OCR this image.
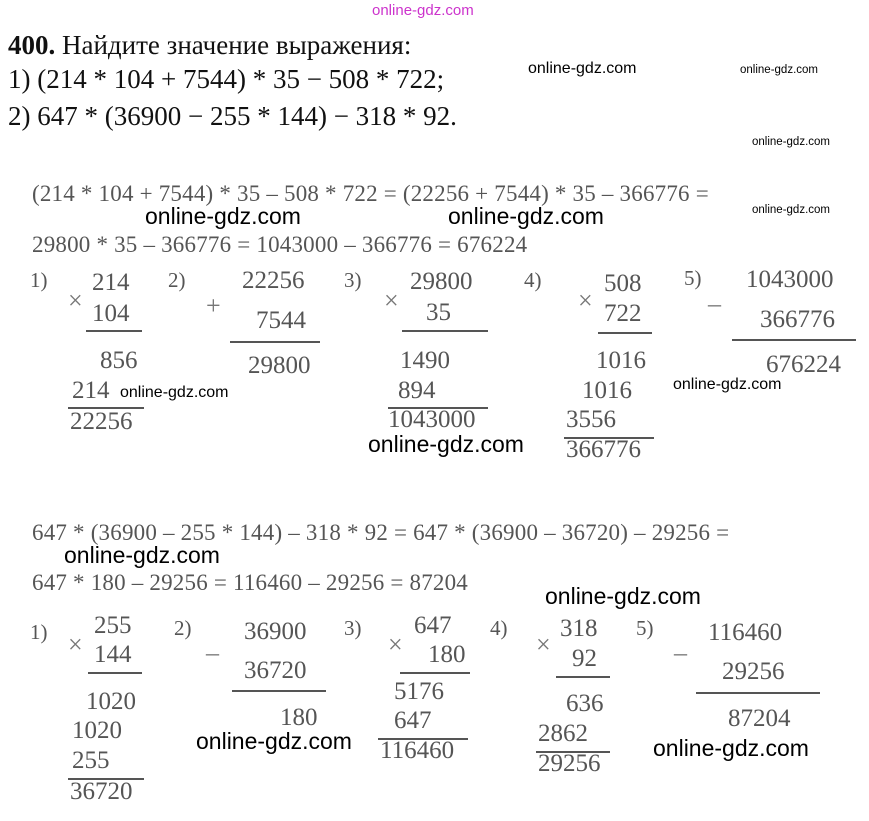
online-gdz.com
400. Найдите значение выражения:
1) (214 * 104 + 7544) * 35 − 508 * 722;
2) 647 * (36900 − 255 * 144) − 318 * 92.
online-gdz.com	online-gdz.com
online-gdz.com
(214 * 104 + 7544) * 35 – 508 * 722 = (22256 + 7544) * 35 – 366776 =
29800 * 35 – 366776 = 1043000 – 366776 = 676224
online-gdz.com	online-gdz.com	online-gdz.com
1)
×
214
104
856
214
22256
2)
+
22256
7544
29800
3)
×
29800
35
1490
894
1043000
4)
×
508
722
1016
1016
3556
366776
5)
–
1043000
366776
676224
online-gdz.com	online-gdz.com
online-gdz.com
647 * (36900 – 255 * 144) – 318 * 92 = 647 * (36900 – 36720) – 29256 =
647 * 180 – 29256 = 116460 – 29256 = 87204
online-gdz.com
online-gdz.com
1) ×
255
144
1020
1020
255
36720
2)
–
36900
36720
180
3)
×
647
180
5176
647
116460
4)
×
318
92
636
2862
29256
5)
–
116460
29256
87204
online-gdz.com	online-gdz.com
